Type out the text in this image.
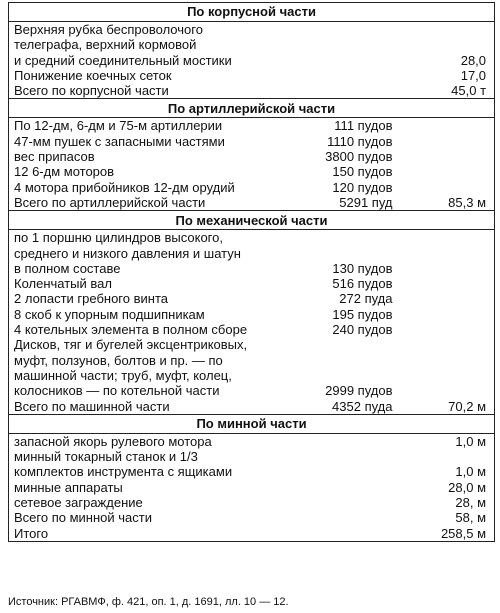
По корпусной части		

Верхняя рубка беспроволочого
телеграфа, верхний кормовой
и средний соединительный мостики		28,0

Понижение коечных сеток		17,0

Всего по корпусной части		45,0 т
По артиллерийской части		

По 12-дм, 6-дм и 75-м артиллерии	111 пудов	

47-мм пушек с запасными частями	1110 пудов	

вес припасов	3800 пудов	

12 6-дм моторов	150 пудов	

4 мотора прибойников 12-дм орудий	120 пудов	

Всего по артиллерийской части	5291 пуд	85,3 м
По механической части		

по 1 поршню цилиндров высокого,
среднего и низкого давления и шатун
в полном составе	130 пудов	

Коленчатый вал	516 пудов	

2 лопасти гребного винта	272 пуда	

8 скоб к упорным подшипникам	195 пудов	

4 котельных элемента в полном сборе	240 пудов	

Дисков, тяг и бугелей эксцентриковых,
муфт, ползунов, болтов и пр. — по
машинной части; труб, муфт, колец,
колосников — по котельной части	2999 пудов	

Всего по машинной части	4352 пуда	70,2 м
По минной части		

запасной якорь рулевого мотора		1,0 м

минный токарный станок и 1/3
комплектов инструмента с ящиками		1,0 м

минные аппараты		28,0 м

сетевое заграждение		28, м

Всего по минной части		58, м

Итого		258,5 м
Источник: РГАВМФ, ф. 421, оп. 1, д. 1691, лл. 10 — 12.
